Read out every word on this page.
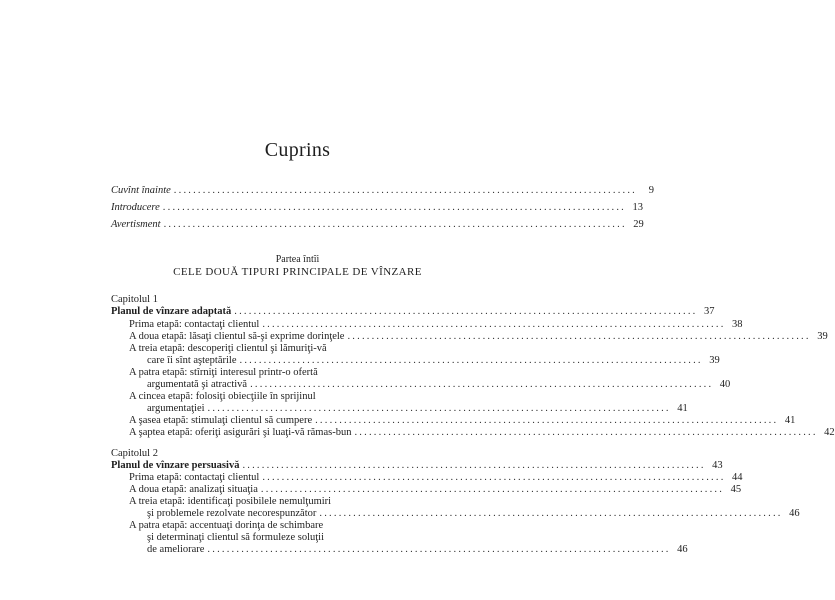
Cuprins
Cuvînt înainte ................................................................................................	9
Introducere ................................................................................................ 13
Avertisment ................................................................................................ 29
Partea întîi
CELE DOUĂ TIPURI PRINCIPALE DE VÎNZARE
Capitolul 1
Planul de vînzare adaptată ................................................................................................ 37
Prima etapă: contactaţi clientul ................................................................................................ 38
A doua etapă: lăsaţi clientul să-şi exprime dorinţele ................................................................................................ 39
A treia etapă: descoperiţi clientul şi lămuriţi-vă
care îi sînt aşteptările ................................................................................................ 39
A patra etapă: stîrniţi interesul printr-o ofertă
argumentată şi atractivă ................................................................................................ 40
A cincea etapă: folosiţi obiecţiile în sprijinul
argumentaţiei ................................................................................................ 41
A şasea etapă: stimulaţi clientul să cumpere ................................................................................................ 41
A şaptea etapă: oferiţi asigurări şi luaţi-vă rămas-bun ................................................................................................ 42
Capitolul 2
Planul de vînzare persuasivă ................................................................................................ 43
Prima etapă: contactaţi clientul ................................................................................................ 44
A doua etapă: analizaţi situaţia ................................................................................................ 45
A treia etapă: identificaţi posibilele nemulţumiri
şi problemele rezolvate necorespunzător ................................................................................................ 46
A patra etapă: accentuaţi dorinţa de schimbare
şi determinaţi clientul să formuleze soluţii
de ameliorare ................................................................................................ 46
